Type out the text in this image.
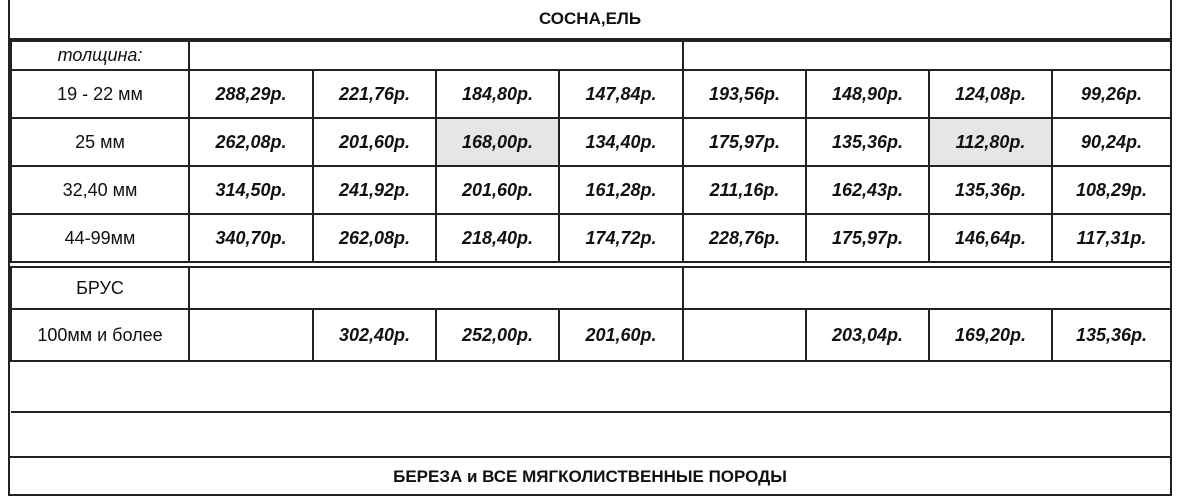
СОСНА,ЕЛЬ
толщина:								
19 - 22 мм	288,29р.	221,76р.	184,80р.	147,84р.	193,56р.	148,90р.	124,08р.	99,26р.
25 мм	262,08р.	201,60р.	168,00р.	134,40р.	175,97р.	135,36р.	112,80р.	90,24р.
32,40 мм	314,50р.	241,92р.	201,60р.	161,28р.	211,16р.	162,43р.	135,36р.	108,29р.
44-99мм	340,70р.	262,08р.	218,40р.	174,72р.	228,76р.	175,97р.	146,64р.	117,31р.

БРУС								
100мм и более		302,40р.	252,00р.	201,60р.		203,04р.	169,20р.	135,36р.

БЕРЕЗА и ВСЕ МЯГКОЛИСТВЕННЫЕ ПОРОДЫ
